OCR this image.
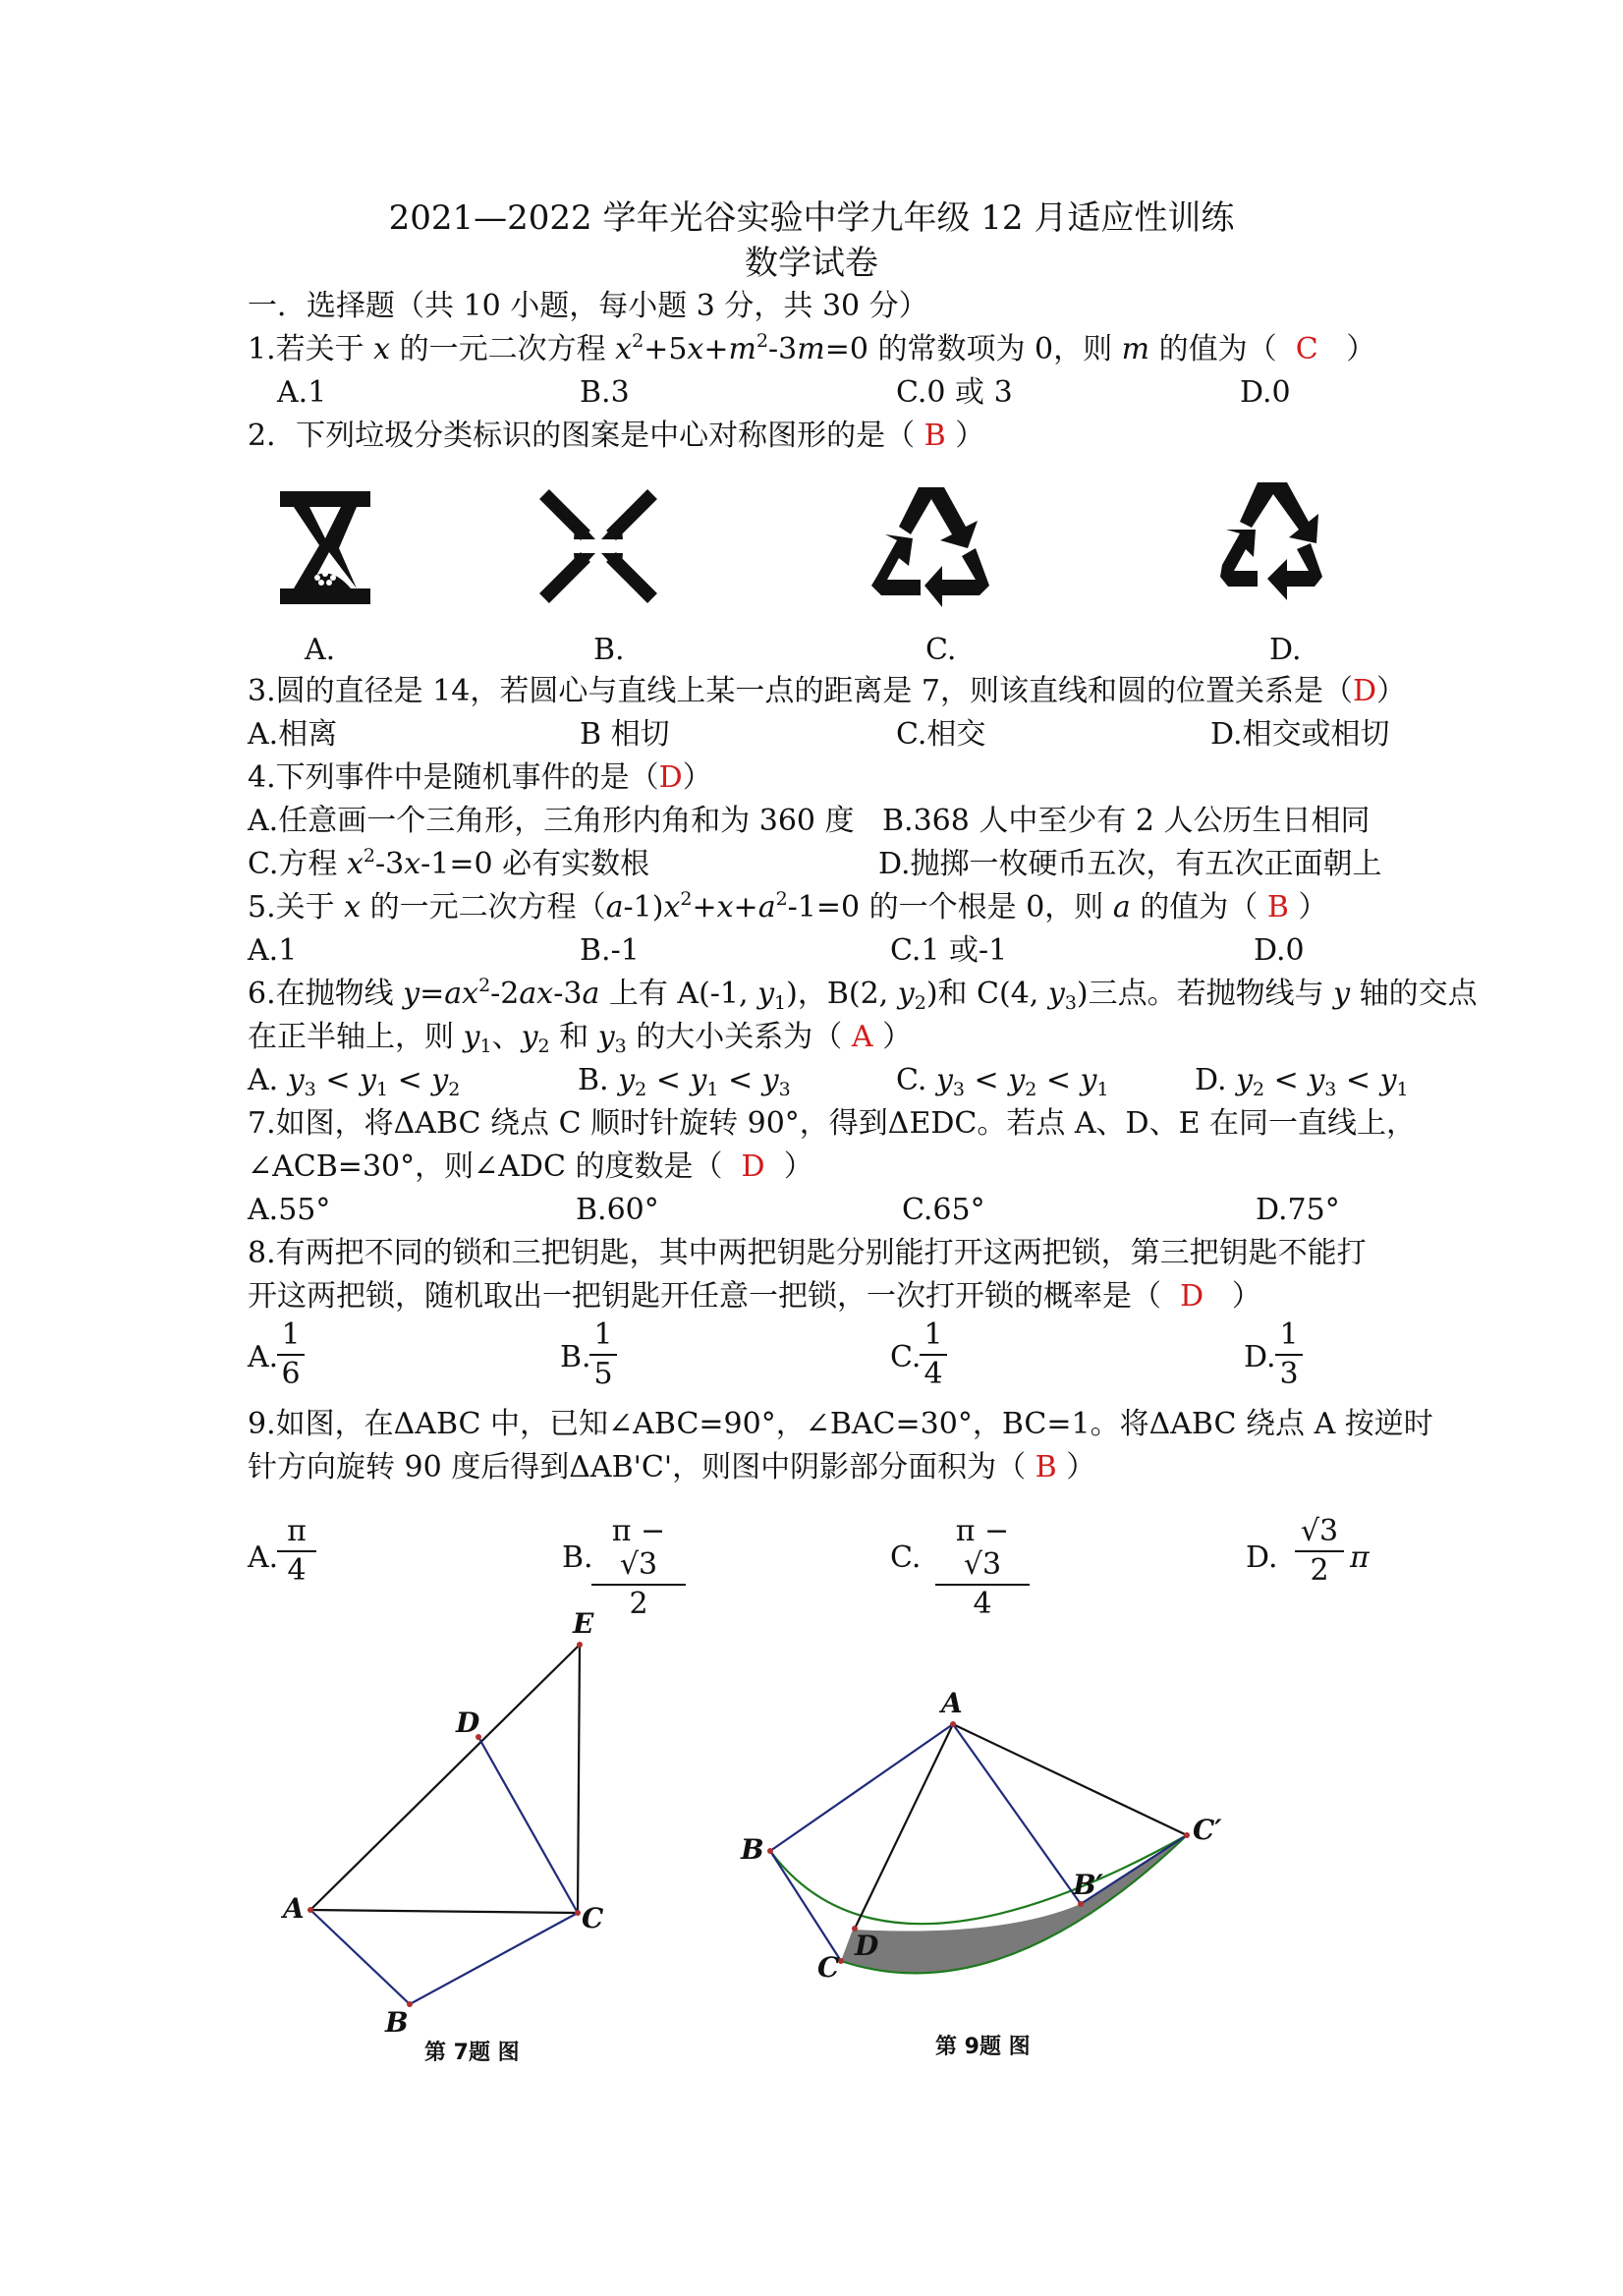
2021—2022 学年光谷实验中学九年级 12 月适应性训练
数学试卷
一．选择题（共 10 小题，每小题 3 分，共 30 分）
1.若关于 x 的一元二次方程 $x^2+5x+m^2-3m=0$ 的常数项为 0，则 m 的值为（ C ）
A.1	B.3	C.0 或 3	D.0
2．下列垃圾分类标识的图案是中心对称图形的是（ B ）
A.	B.	C.	D.
3.圆的直径是 14，若圆心与直线上某一点的距离是 7，则该直线和圆的位置关系是（D）
A.相离	B 相切	C.相交	D.相交或相切
4.下列事件中是随机事件的是（D）
A.任意画一个三角形，三角形内角和为 360 度 B.368 人中至少有 2 人公历生日相同
C.方程 $x^2-3x-1=0$ 必有实数根	D.抛掷一枚硬币五次，有五次正面朝上
5.关于 x 的一元二次方程$(a-1)x^2+x+a^2-1=0$ 的一个根是 0，则 a 的值为（ B ）
A.1	B.-1	C.1 或-1	D.0
6.在抛物线 $y=ax^2-2ax-3a$ 上有 A(-1, $y_1$)，B(2, $y_2$)和 C(4, $y_3$)三点。若抛物线与 y 轴的交点
在正半轴上，则 $y_1$、$y_2$ 和 $y_3$ 的大小关系为（ A ）
A. $y_3 < y_1 < y_2$	B. $y_2 < y_1 < y_3$	C. $y_3 < y_2 < y_1$	D. $y_2 < y_3 < y_1$
7.如图，将ΔABC 绕点 C 顺时针旋转 90°，得到ΔEDC。若点 A、D、E 在同一直线上，
∠ACB=30°，则∠ADC 的度数是（ D ）
A.55°	B.60°	C.65°	D.75°
8.有两把不同的锁和三把钥匙，其中两把钥匙分别能打开这两把锁，第三把钥匙不能打
开这两把锁，随机取出一把钥匙开任意一把锁，一次打开锁的概率是（ D ）
A.
1
6	B.
1
5	C.
1
4	D.
1
3
9.如图，在ΔABC 中，已知∠ABC=90°，∠BAC=30°，BC=1。将ΔABC 绕点 A 按逆时
针方向旋转 90 度后得到ΔAB'C'，则图中阴影部分面积为（ B ）
A.
π
4	B.
π − √3
2
C.
π − √3
4
D.
√3
2 π
E
D
A	C
B
A
B
C′
B′
D
C
第 7题 图	第 9题 图
